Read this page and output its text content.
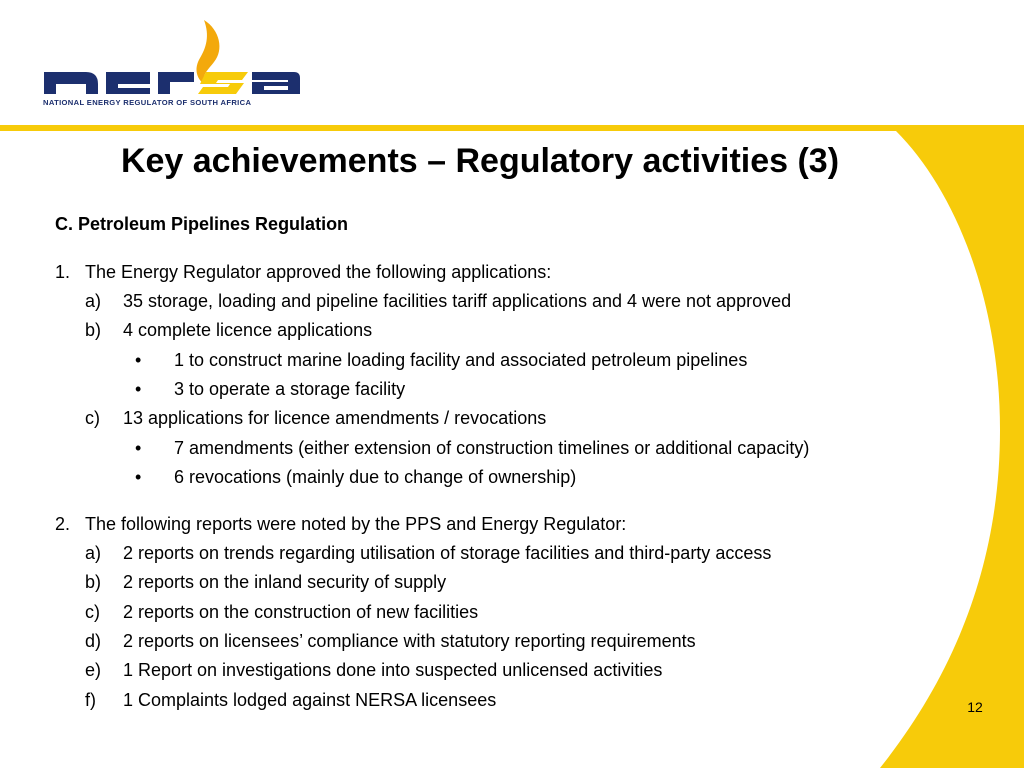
NATIONAL ENERGY REGULATOR OF SOUTH AFRICA
Key achievements – Regulatory activities (3)
C. Petroleum Pipelines Regulation
1. The Energy Regulator approved the following applications:
a) 35 storage, loading and pipeline facilities tariff applications and 4 were not approved
b) 4 complete licence applications
• 1 to construct marine loading facility and associated petroleum pipelines
• 3 to operate a storage facility
c) 13 applications for licence amendments / revocations
• 7 amendments (either extension of construction timelines or additional capacity)
• 6 revocations (mainly due to change of ownership)
2. The following reports were noted by the PPS and Energy Regulator:
a) 2 reports on trends regarding utilisation of storage facilities and third-party access
b) 2 reports on the inland security of supply
c) 2 reports on the construction of new facilities
d) 2 reports on licensees’ compliance with statutory reporting requirements
e) 1 Report on investigations done into suspected unlicensed activities
f) 1 Complaints lodged against NERSA licensees	12
